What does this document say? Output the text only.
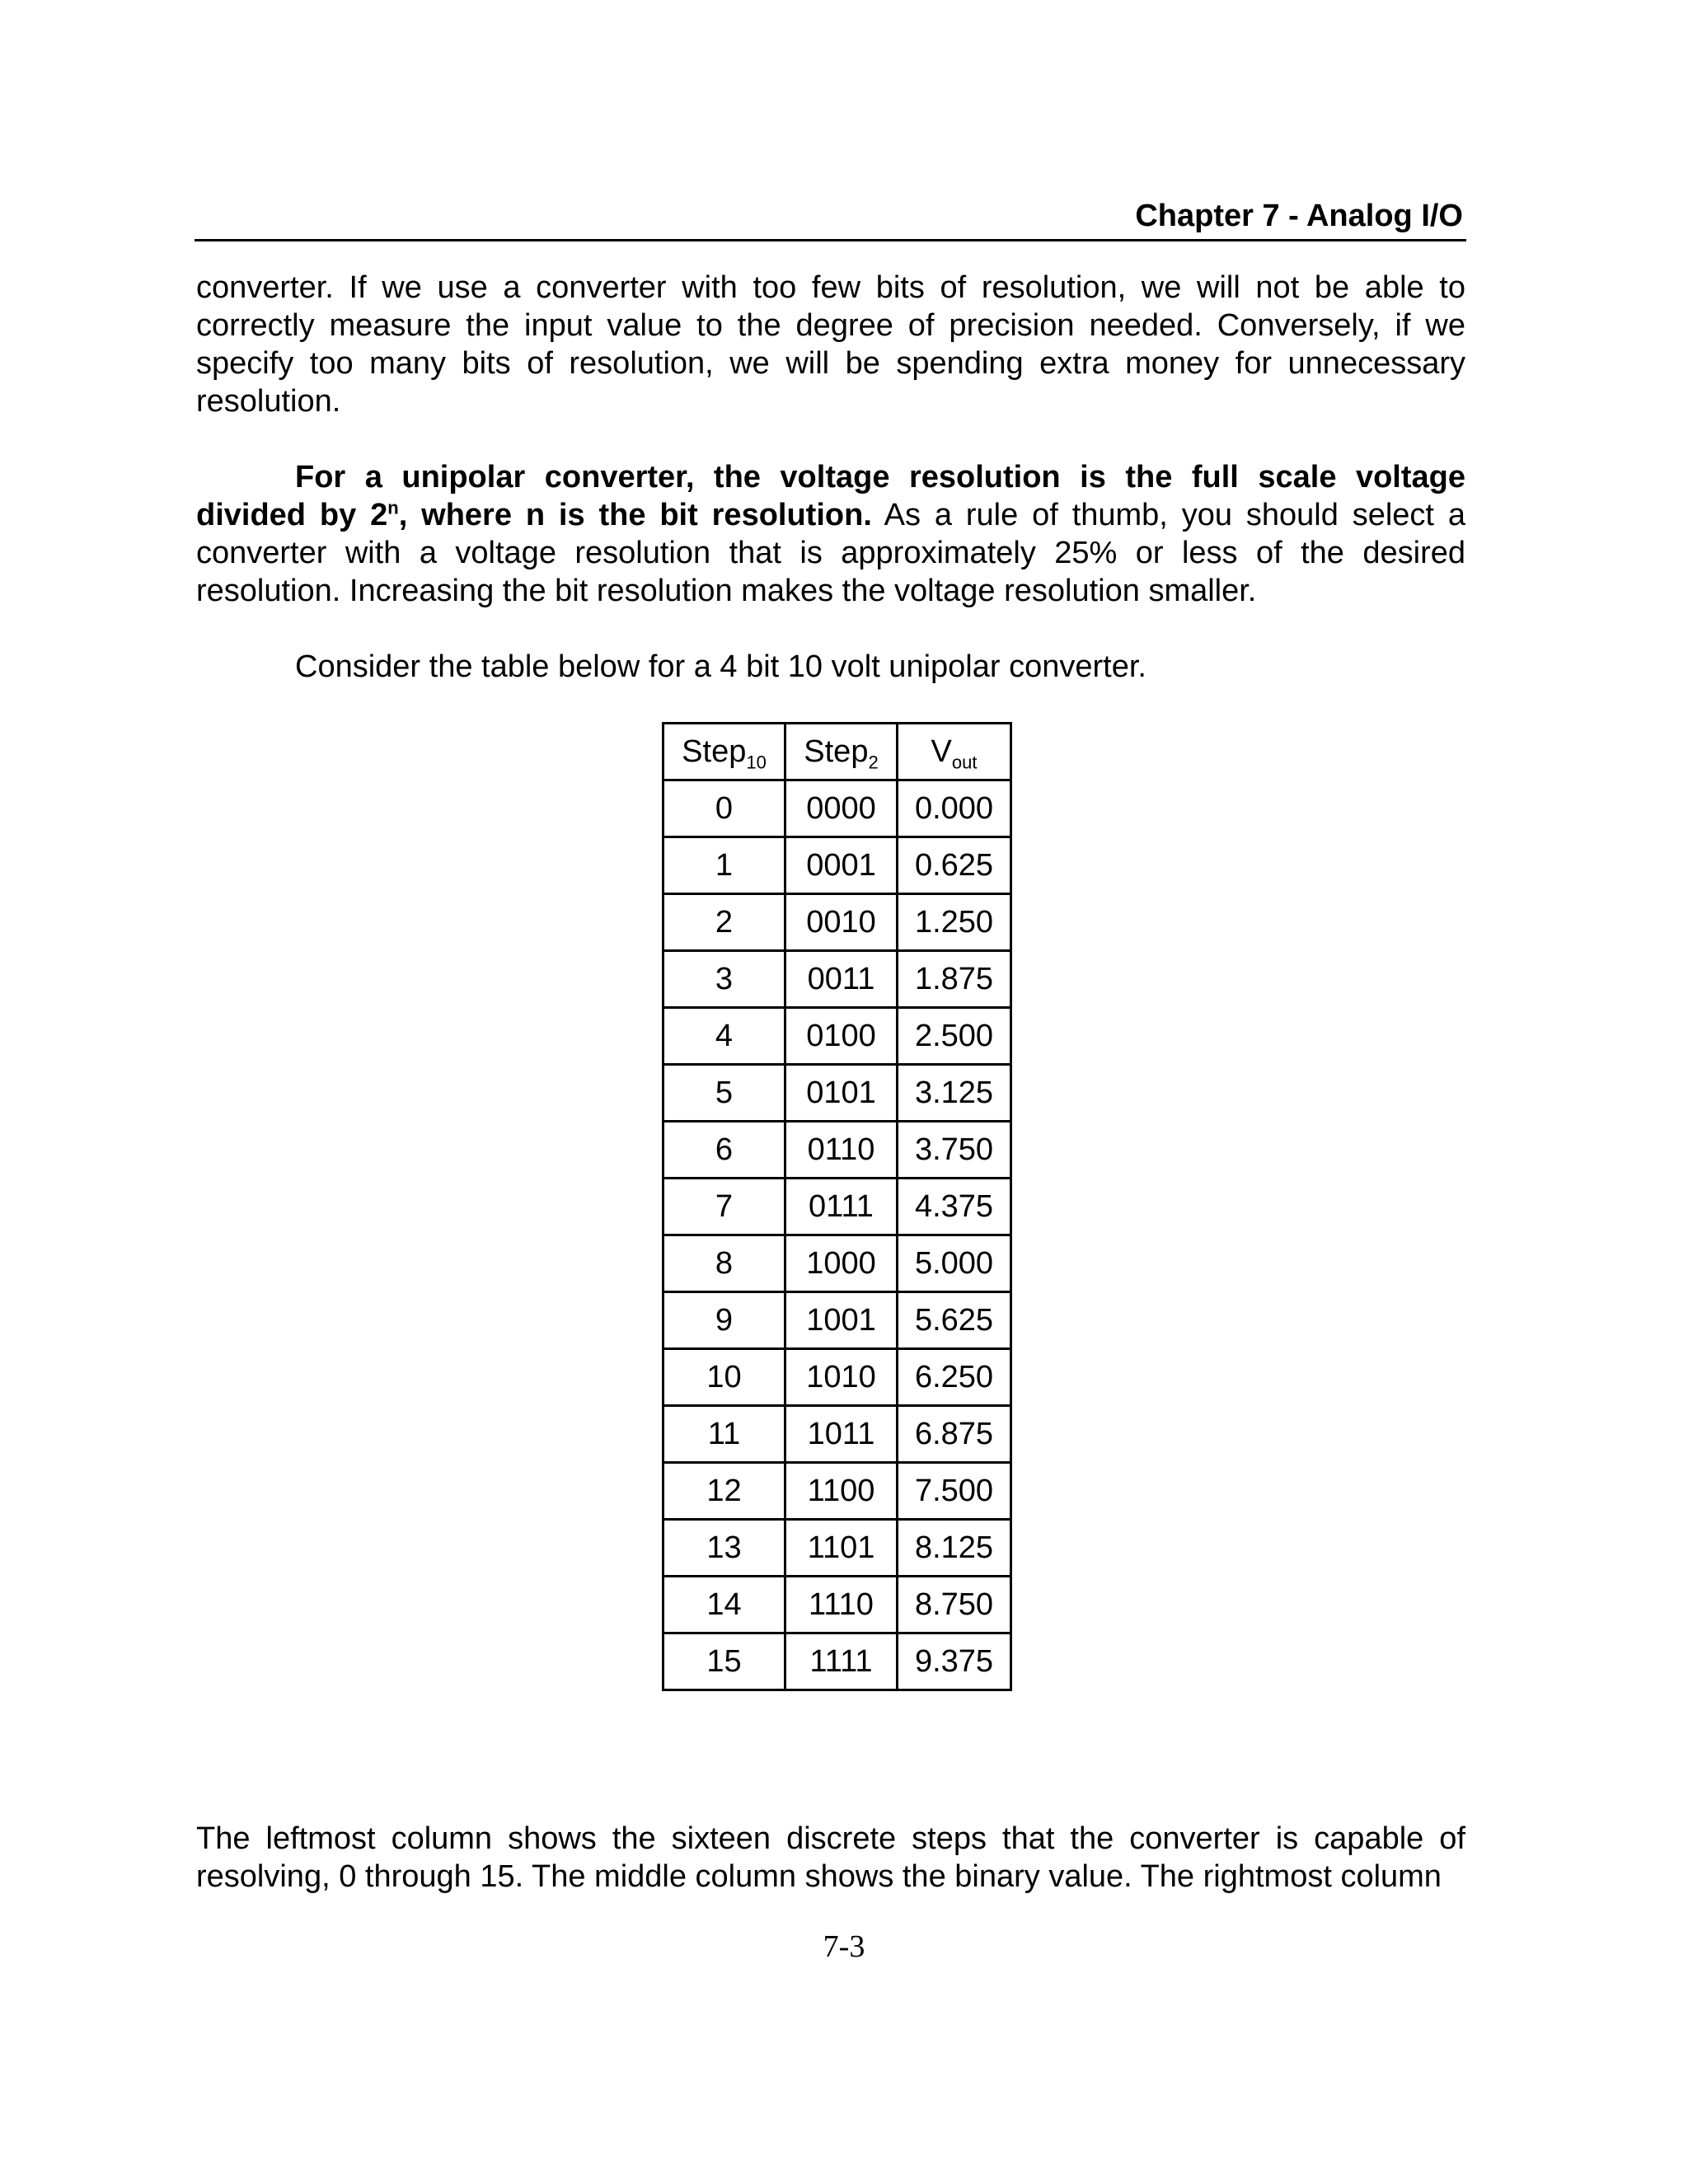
Chapter 7 - Analog I/O

converter. If we use a converter with too few bits of resolution, we will not be able to correctly measure the input value to the degree of precision needed. Conversely, if we specify too many bits of resolution, we will be spending extra money for unnecessary resolution.

For a unipolar converter, the voltage resolution is the full scale voltage divided by 2$^n$, where n is the bit resolution. As a rule of thumb, you should select a converter with a voltage resolution that is approximately 25% or less of the desired resolution. Increasing the bit resolution makes the voltage resolution smaller.

Consider the table below for a 4 bit 10 volt unipolar converter.

Step$_{10}$	Step$_2$	$V_{out}$
0	0000	0.000
1	0001	0.625
2	0010	1.250
3	0011	1.875
4	0100	2.500
5	0101	3.125
6	0110	3.750
7	0111	4.375
8	1000	5.000
9	1001	5.625
10	1010	6.250
11	1011	6.875
12	1100	7.500
13	1101	8.125
14	1110	8.750
15	1111	9.375

The leftmost column shows the sixteen discrete steps that the converter is capable of resolving, 0 through 15. The middle column shows the binary value. The rightmost column

7-3
